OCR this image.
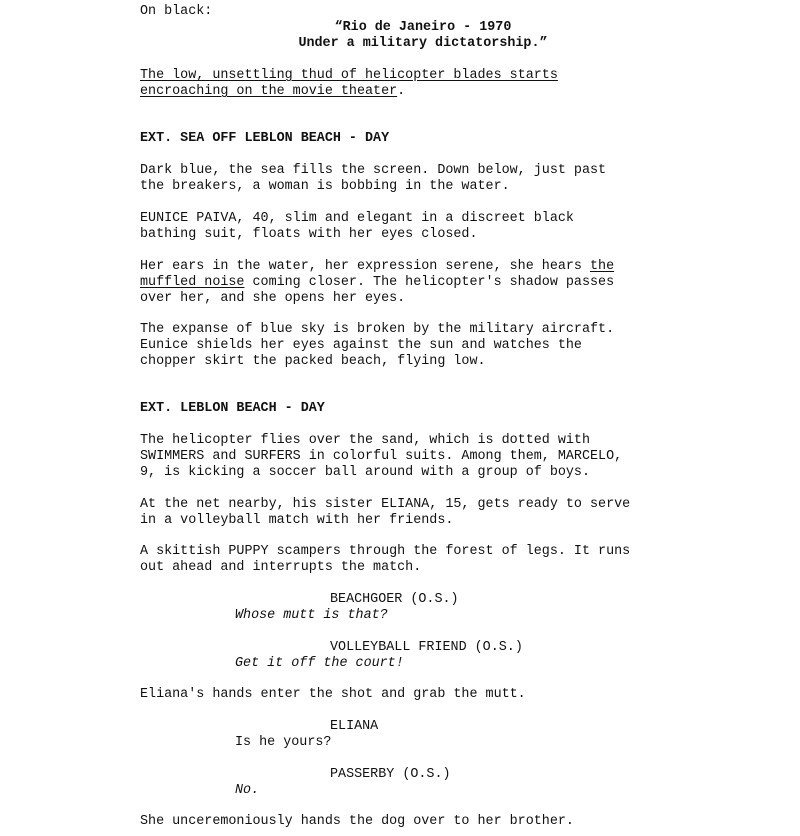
On black:

“Rio de Janeiro - 1970

Under a military dictatorship.”

The low, unsettling thud of helicopter blades starts

encroaching on the movie theater.

EXT. SEA OFF LEBLON BEACH - DAY

Dark blue, the sea fills the screen. Down below, just past

the breakers, a woman is bobbing in the water.

EUNICE PAIVA, 40, slim and elegant in a discreet black

bathing suit, floats with her eyes closed.

Her ears in the water, her expression serene, she hears the

muffled noise coming closer. The helicopter's shadow passes

over her, and she opens her eyes.

The expanse of blue sky is broken by the military aircraft.

Eunice shields her eyes against the sun and watches the

chopper skirt the packed beach, flying low.

EXT. LEBLON BEACH - DAY

The helicopter flies over the sand, which is dotted with

SWIMMERS and SURFERS in colorful suits. Among them, MARCELO,

9, is kicking a soccer ball around with a group of boys.

At the net nearby, his sister ELIANA, 15, gets ready to serve

in a volleyball match with her friends.

A skittish PUPPY scampers through the forest of legs. It runs

out ahead and interrupts the match.

BEACHGOER (O.S.)

Whose mutt is that?

VOLLEYBALL FRIEND (O.S.)

Get it off the court!

Eliana's hands enter the shot and grab the mutt.

ELIANA

Is he yours?

PASSERBY (O.S.)

No.

She unceremoniously hands the dog over to her brother.
